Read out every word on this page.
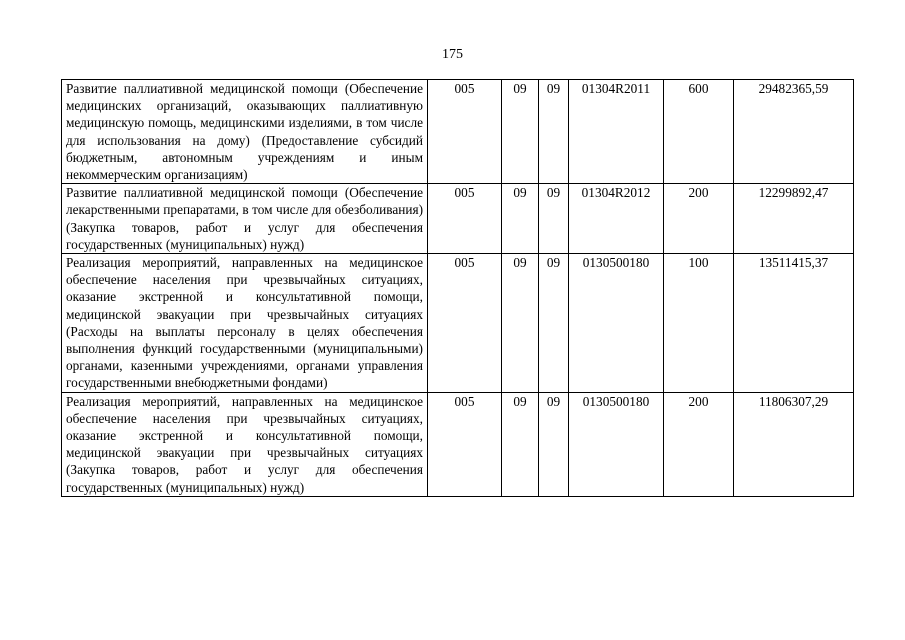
175
Развитие паллиативной медицинской помощи (Обеспечение медицинских организаций, оказывающих паллиативную медицинскую помощь, медицинскими изделиями, в том числе для использования на дому) (Предоставление субсидий бюджетным, автономным учреждениям и иным некоммерческим организациям)	005	09	09	01304R2011	600	29482365,59
Развитие паллиативной медицинской помощи (Обеспечение лекарственными препаратами, в том числе для обезболивания) (Закупка товаров, работ и услуг для обеспечения государственных (муниципальных) нужд)	005	09	09	01304R2012	200	12299892,47
Реализация мероприятий, направленных на медицинское обеспечение населения при чрезвычайных ситуациях, оказание экстренной и консультативной помощи, медицинской эвакуации при чрезвычайных ситуациях (Расходы на выплаты персоналу в целях обеспечения выполнения функций государственными (муниципальными) органами, казенными учреждениями, органами управления государственными внебюджетными фондами)	005	09	09	0130500180	100	13511415,37
Реализация мероприятий, направленных на медицинское обеспечение населения при чрезвычайных ситуациях, оказание экстренной и консультативной помощи, медицинской эвакуации при чрезвычайных ситуациях (Закупка товаров, работ и услуг для обеспечения государственных (муниципальных) нужд)	005	09	09	0130500180	200	11806307,29
